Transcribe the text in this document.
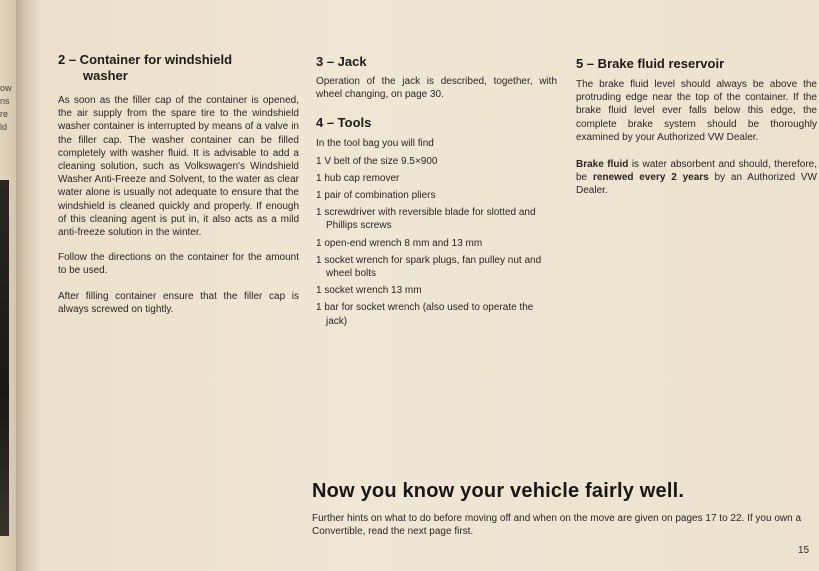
ow
ns
re
ld
2 – Container for windshield
washer

As soon as the filler cap of the container is opened, the air supply from the spare tire to the windshield washer container is interrupted by means of a valve in the filler cap. The washer container can be filled completely with washer fluid. It is advisable to add a cleaning solution, such as Volkswagen's Windshield Washer Anti-Freeze and Solvent, to the water as clear water alone is usually not adequate to ensure that the windshield is cleaned quickly and properly. If enough of this cleaning agent is put in, it also acts as a mild anti-freeze solution in the winter.

Follow the directions on the container for the amount to be used.

After filling container ensure that the filler cap is always screwed on tightly.

3 – Jack

Operation of the jack is described, together, with wheel changing, on page 30.

4 – Tools

In the tool bag you will find

1 V belt of the size 9.5×900
1 hub cap remover
1 pair of combination pliers
1 screwdriver with reversible blade for slotted and Phillips screws
1 open-end wrench 8 mm and 13 mm
1 socket wrench for spark plugs, fan pulley nut and wheel bolts
1 socket wrench 13 mm
1 bar for socket wrench (also used to operate the jack)
5 – Brake fluid reservoir

The brake fluid level should always be above the protruding edge near the top of the container. If the brake fluid level ever falls below this edge, the complete brake system should be thoroughly examined by your Authorized VW Dealer.

Brake fluid is water absorbent and should, therefore, be renewed every 2 years by an Authorized VW Dealer.

Now you know your vehicle fairly well.
Further hints on what to do before moving off and when on the move are given on pages 17 to 22. If you own a Convertible, read the next page first.
15
